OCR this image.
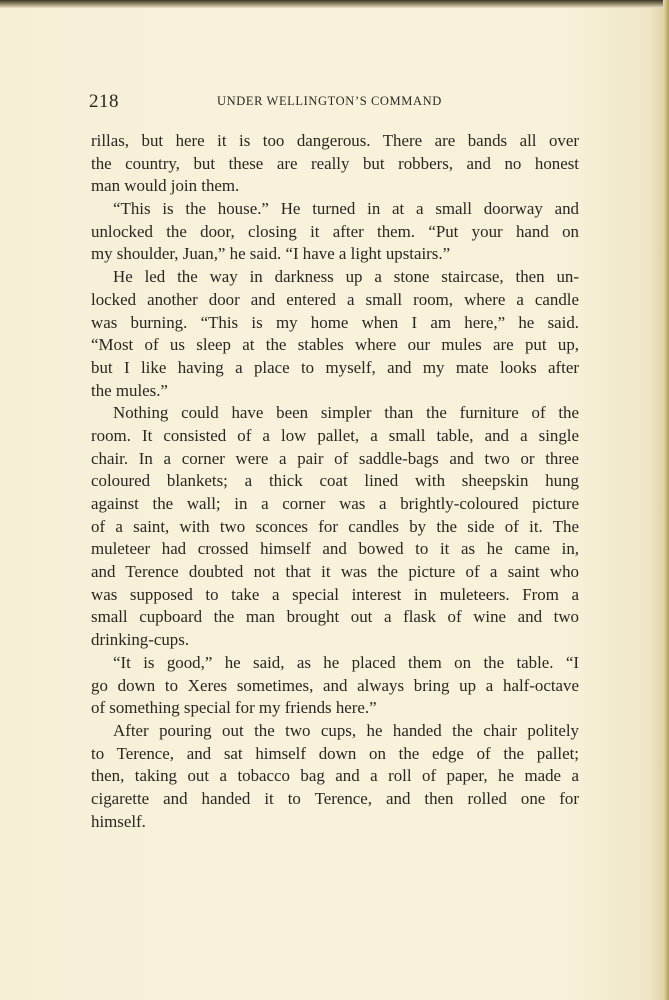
218	UNDER WELLINGTON’S COMMAND

rillas, but here it is too dangerous. There are bands all over
the country, but these are really but robbers, and no honest
man would join them.

“This is the house.” He turned in at a small doorway and
unlocked the door, closing it after them. “Put your hand on
my shoulder, Juan,” he said. “I have a light upstairs.”

He led the way in darkness up a stone staircase, then un-
locked another door and entered a small room, where a candle
was burning. “This is my home when I am here,” he said.
“Most of us sleep at the stables where our mules are put up,
but I like having a place to myself, and my mate looks after
the mules.”

Nothing could have been simpler than the furniture of the
room. It consisted of a low pallet, a small table, and a single
chair. In a corner were a pair of saddle-bags and two or three
coloured blankets; a thick coat lined with sheepskin hung
against the wall; in a corner was a brightly-coloured picture
of a saint, with two sconces for candles by the side of it. The
muleteer had crossed himself and bowed to it as he came in,
and Terence doubted not that it was the picture of a saint who
was supposed to take a special interest in muleteers. From a
small cupboard the man brought out a flask of wine and two
drinking-cups.

“It is good,” he said, as he placed them on the table. “I
go down to Xeres sometimes, and always bring up a half-octave
of something special for my friends here.”

After pouring out the two cups, he handed the chair politely
to Terence, and sat himself down on the edge of the pallet;
then, taking out a tobacco bag and a roll of paper, he made a
cigarette and handed it to Terence, and then rolled one for
himself.
